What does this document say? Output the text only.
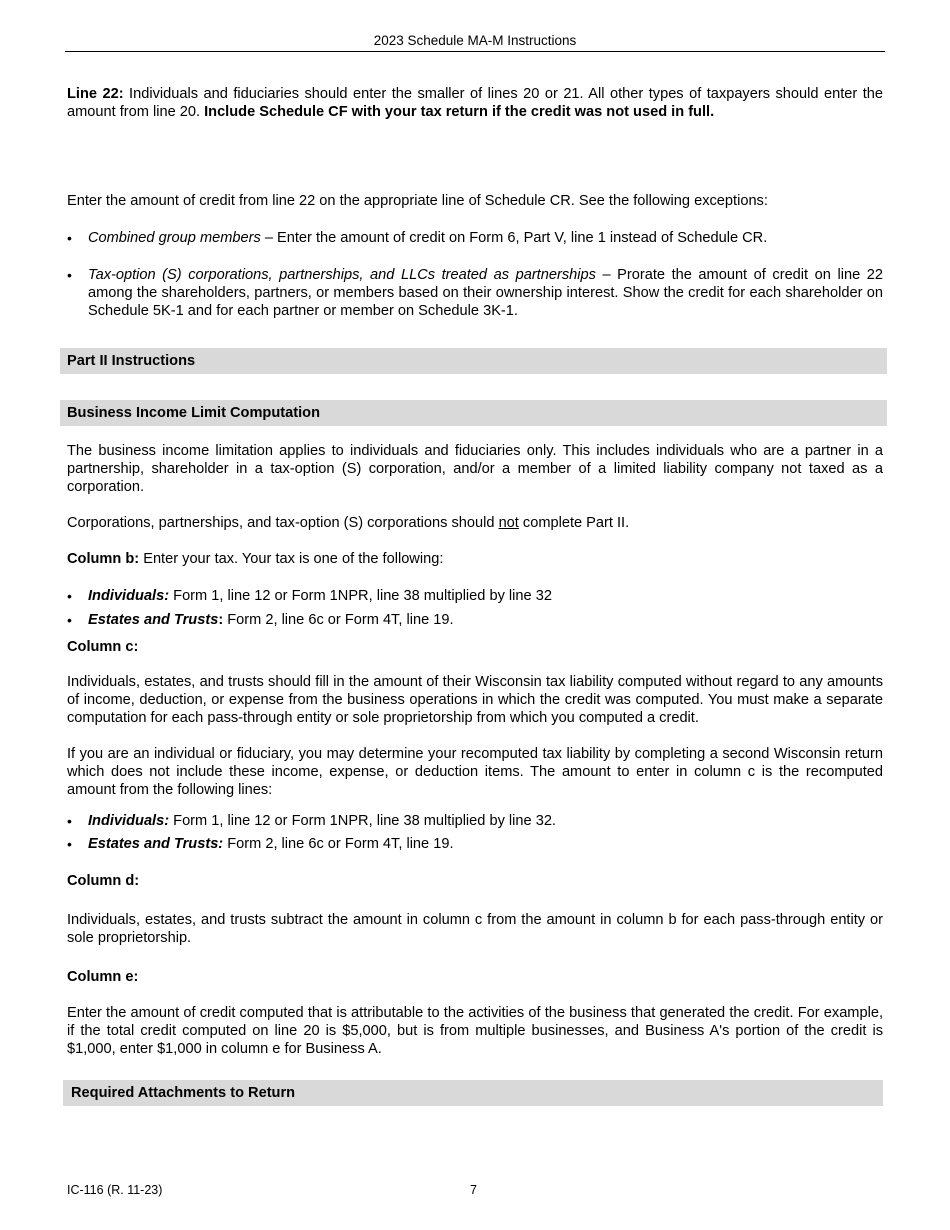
2023 Schedule MA-M Instructions

Line 22: Individuals and fiduciaries should enter the smaller of lines 20 or 21. All other types of taxpayers should enter the amount from line 20. Include Schedule CF with your tax return if the credit was not used in full.

Enter the amount of credit from line 22 on the appropriate line of Schedule CR. See the following exceptions:

•	Combined group members – Enter the amount of credit on Form 6, Part V, line 1 instead of Schedule CR.
•	Tax-option (S) corporations, partnerships, and LLCs treated as partnerships – Prorate the amount of credit on line 22 among the shareholders, partners, or members based on their ownership interest. Show the credit for each shareholder on Schedule 5K-1 and for each partner or member on Schedule 3K-1.
Part II Instructions
Business Income Limit Computation

The business income limitation applies to individuals and fiduciaries only. This includes individuals who are a partner in a partnership, shareholder in a tax-option (S) corporation, and/or a member of a limited liability company not taxed as a corporation.

Corporations, partnerships, and tax-option (S) corporations should not complete Part II.

Column b: Enter your tax. Your tax is one of the following:

•	Individuals: Form 1, line 12 or Form 1NPR, line 38 multiplied by line 32
•	Estates and Trusts: Form 2, line 6c or Form 4T, line 19.

Column c:

Individuals, estates, and trusts should fill in the amount of their Wisconsin tax liability computed without regard to any amounts of income, deduction, or expense from the business operations in which the credit was computed. You must make a separate computation for each pass-through entity or sole proprietorship from which you computed a credit.

If you are an individual or fiduciary, you may determine your recomputed tax liability by completing a second Wisconsin return which does not include these income, expense, or deduction items. The amount to enter in column c is the recomputed amount from the following lines:

•	Individuals: Form 1, line 12 or Form 1NPR, line 38 multiplied by line 32.
•	Estates and Trusts: Form 2, line 6c or Form 4T, line 19.

Column d:

Individuals, estates, and trusts subtract the amount in column c from the amount in column b for each pass-through entity or sole proprietorship.

Column e:

Enter the amount of credit computed that is attributable to the activities of the business that generated the credit. For example, if the total credit computed on line 20 is $5,000, but is from multiple businesses, and Business A's portion of the credit is $1,000, enter $1,000 in column e for Business A.

Required Attachments to Return
IC-116 (R. 11-23)	7
